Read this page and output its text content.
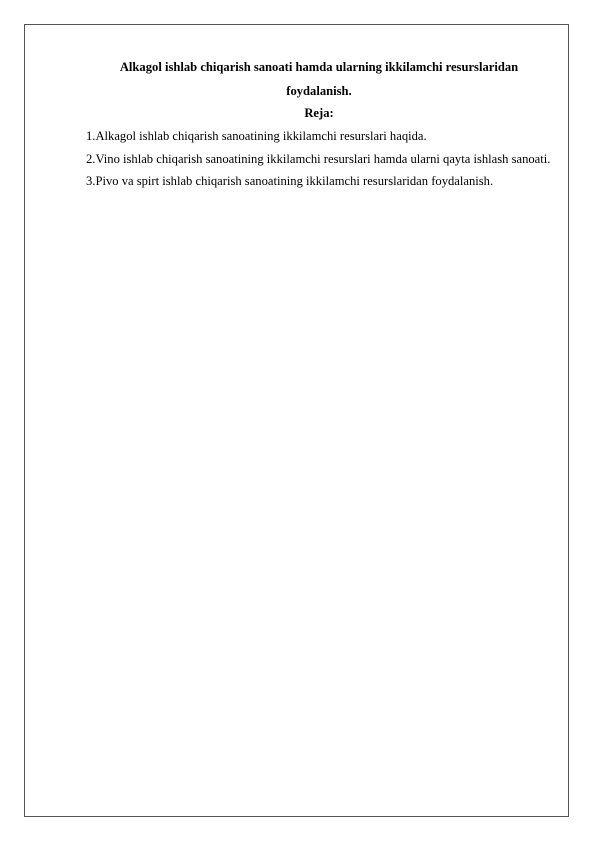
Alkagol ishlab chiqarish sanoati hamda ularning ikkilamchi resurslaridan foydalanish.
Reja:
1.Alkagol ishlab chiqarish sanoatining ikkilamchi resurslari haqida.
2.Vino ishlab chiqarish sanoatining ikkilamchi resurslari hamda ularni qayta ishlash sanoati.
3.Pivo va spirt ishlab chiqarish sanoatining ikkilamchi resurslaridan foydalanish.
